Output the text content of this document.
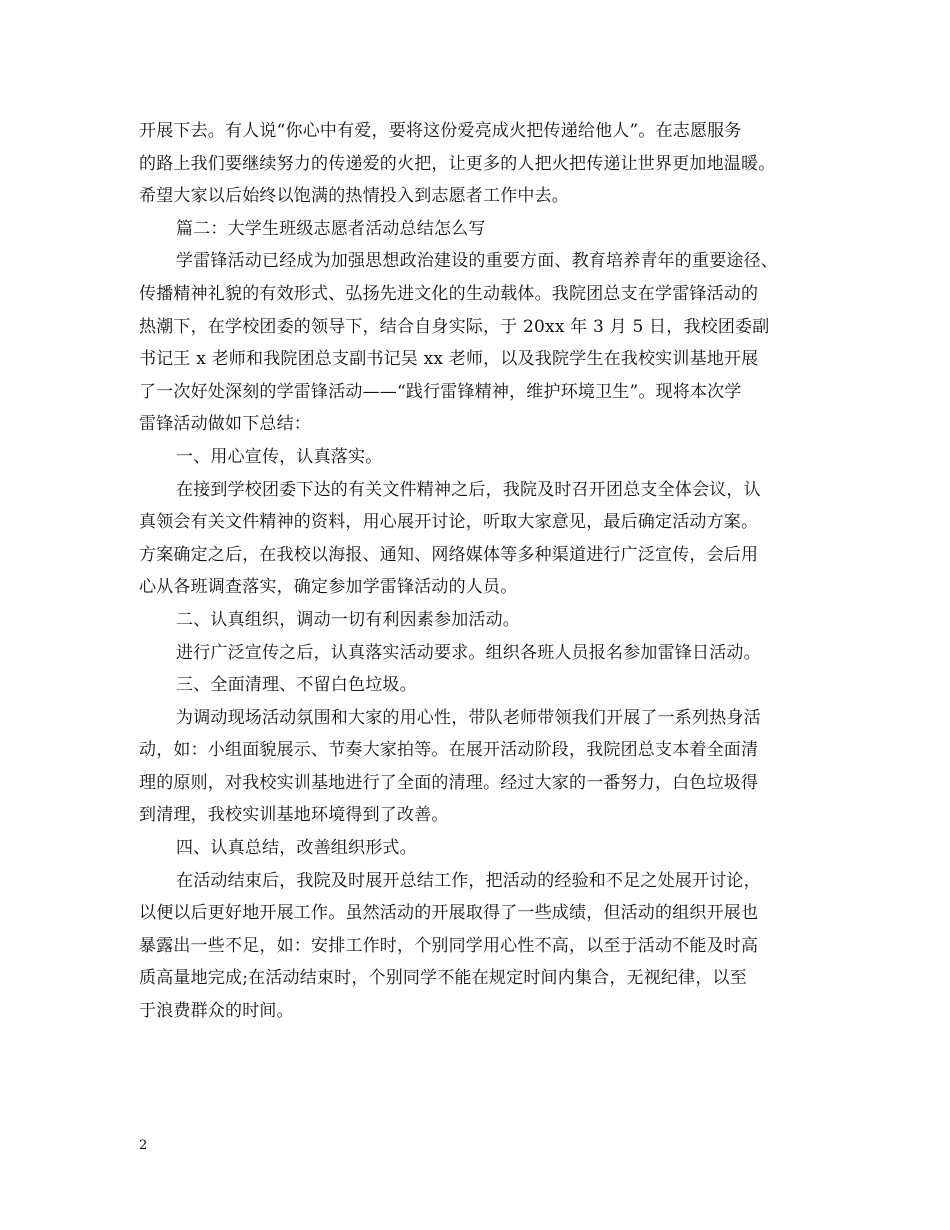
开展下去。有人说“你心中有爱，要将这份爱亮成火把传递给他人”。在志愿服务
的路上我们要继续努力的传递爱的火把，让更多的人把火把传递让世界更加地温暖。
希望大家以后始终以饱满的热情投入到志愿者工作中去。
篇二：大学生班级志愿者活动总结怎么写
学雷锋活动已经成为加强思想政治建设的重要方面、教育培养青年的重要途径、
传播精神礼貌的有效形式、弘扬先进文化的生动载体。我院团总支在学雷锋活动的
热潮下，在学校团委的领导下，结合自身实际，于 20xx 年 3 月 5 日，我校团委副
书记王 x 老师和我院团总支副书记吴 xx 老师，以及我院学生在我校实训基地开展
了一次好处深刻的学雷锋活动——“践行雷锋精神，维护环境卫生”。现将本次学
雷锋活动做如下总结：
一、用心宣传，认真落实。
在接到学校团委下达的有关文件精神之后，我院及时召开团总支全体会议，认
真领会有关文件精神的资料，用心展开讨论，听取大家意见，最后确定活动方案。
方案确定之后，在我校以海报、通知、网络媒体等多种渠道进行广泛宣传，会后用
心从各班调查落实，确定参加学雷锋活动的人员。
二、认真组织，调动一切有利因素参加活动。
进行广泛宣传之后，认真落实活动要求。组织各班人员报名参加雷锋日活动。
三、全面清理、不留白色垃圾。
为调动现场活动氛围和大家的用心性，带队老师带领我们开展了一系列热身活
动，如：小组面貌展示、节奏大家拍等。在展开活动阶段，我院团总支本着全面清
理的原则，对我校实训基地进行了全面的清理。经过大家的一番努力，白色垃圾得
到清理，我校实训基地环境得到了改善。
四、认真总结，改善组织形式。
在活动结束后，我院及时展开总结工作，把活动的经验和不足之处展开讨论，
以便以后更好地开展工作。虽然活动的开展取得了一些成绩，但活动的组织开展也
暴露出一些不足，如：安排工作时，个别同学用心性不高，以至于活动不能及时高
质高量地完成;在活动结束时，个别同学不能在规定时间内集合，无视纪律，以至
于浪费群众的时间。
2
